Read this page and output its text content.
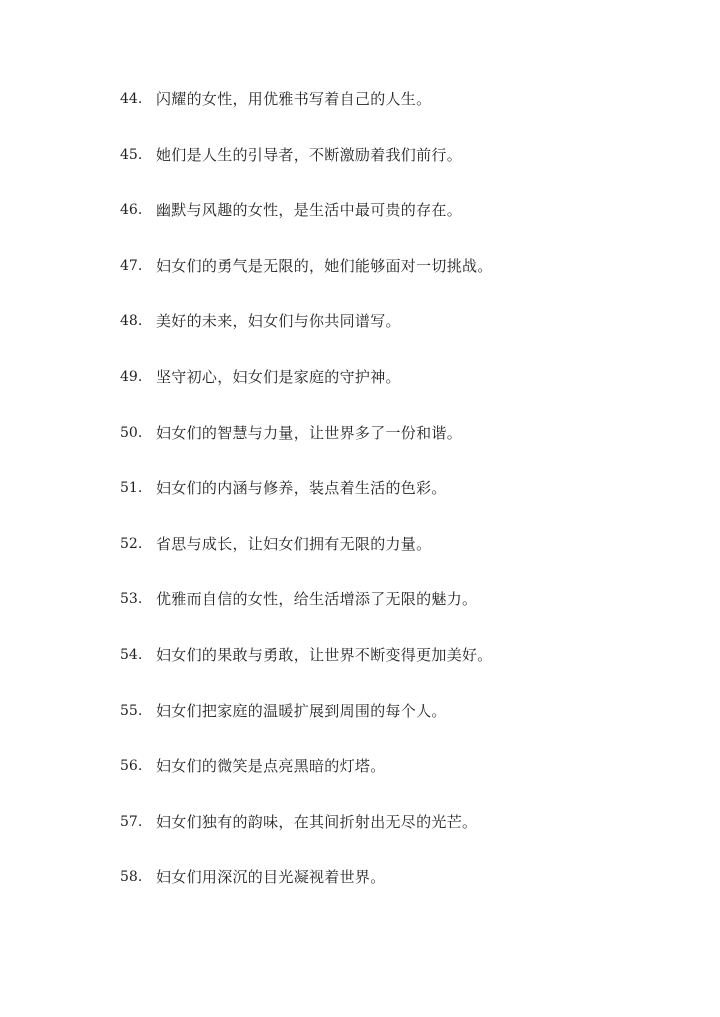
44. 闪耀的女性，用优雅书写着自己的人生。
45. 她们是人生的引导者，不断激励着我们前行。
46. 幽默与风趣的女性，是生活中最可贵的存在。
47. 妇女们的勇气是无限的，她们能够面对一切挑战。
48. 美好的未来，妇女们与你共同谱写。
49. 坚守初心，妇女们是家庭的守护神。
50. 妇女们的智慧与力量，让世界多了一份和谐。
51. 妇女们的内涵与修养，装点着生活的色彩。
52. 省思与成长，让妇女们拥有无限的力量。
53. 优雅而自信的女性，给生活增添了无限的魅力。
54. 妇女们的果敢与勇敢，让世界不断变得更加美好。
55. 妇女们把家庭的温暖扩展到周围的每个人。
56. 妇女们的微笑是点亮黑暗的灯塔。
57. 妇女们独有的韵味，在其间折射出无尽的光芒。
58. 妇女们用深沉的目光凝视着世界。
